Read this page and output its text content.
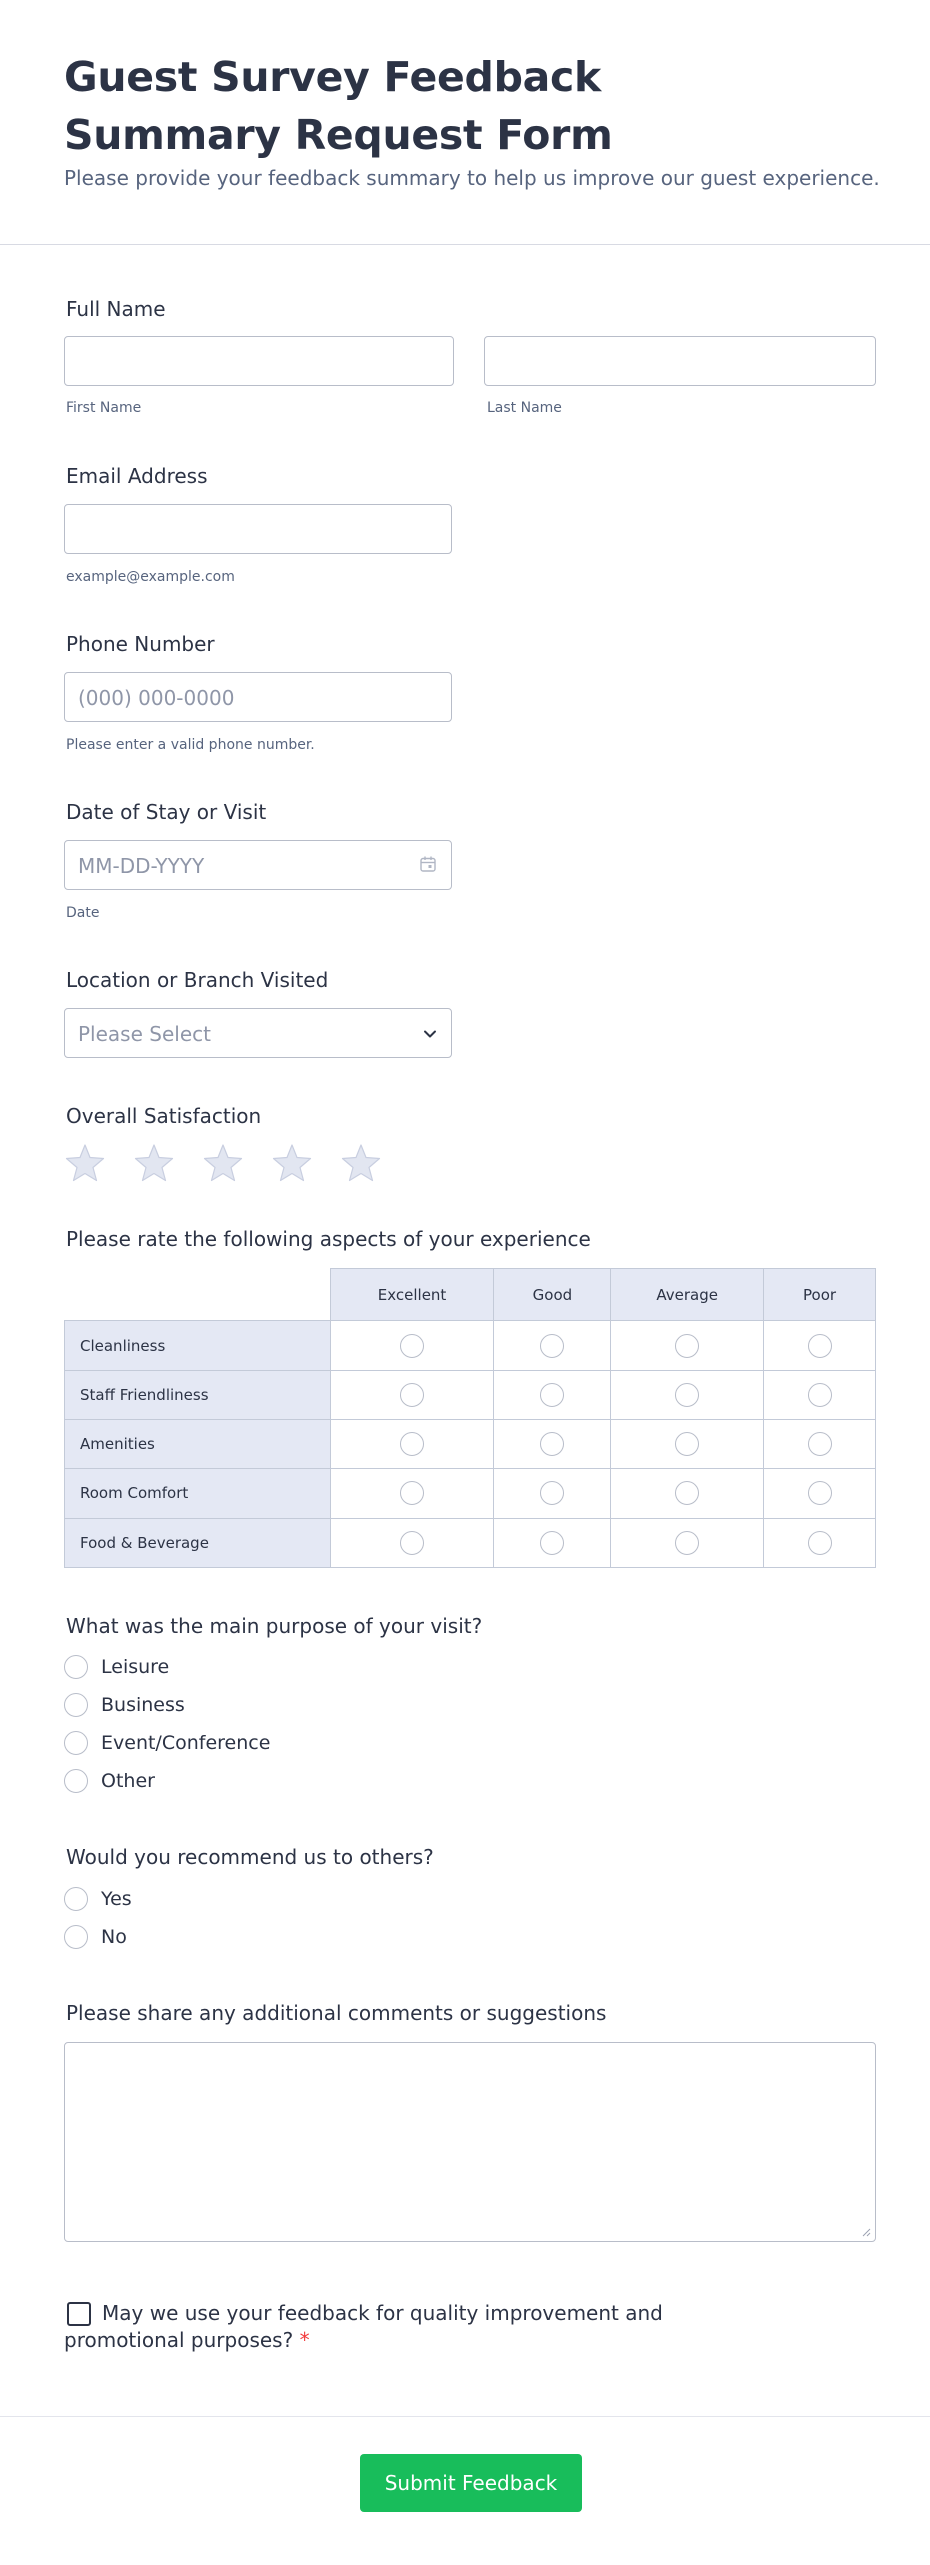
Guest Survey Feedback Summary Request Form
Please provide your feedback summary to help us improve our guest experience.
Full Name
First Name	Last Name
Email Address
example@example.com
Phone Number
(000) 000-0000
Please enter a valid phone number.
Date of Stay or Visit
MM-DD-YYYY
Date
Location or Branch Visited
Please Select
Overall Satisfaction
Please rate the following aspects of your experience
	Excellent	Good	Average	Poor
Cleanliness				
Staff Friendliness				
Amenities				
Room Comfort				
Food & Beverage				
What was the main purpose of your visit?
Leisure
Business
Event/Conference
Other
Would you recommend us to others?
Yes
No
Please share any additional comments or suggestions
May we use your feedback for quality improvement and promotional purposes? *
Submit Feedback
